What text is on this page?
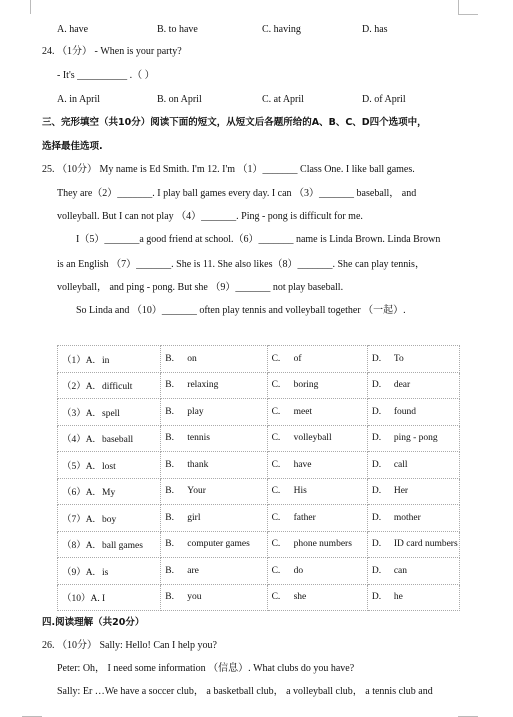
A. have	B. to have	C. having	D. has
24. （1分） - When is your party?
- It's __________ .（ ）
A. in April	B. on April	C. at April	D. of April
三、完形填空（共10分）阅读下面的短文，从短文后各题所给的A、B、C、D四个选项中，
选择最佳选项.
25. （10分） My name is Ed Smith. I'm 12. I'm （1）_______ Class One. I like ball games.
They are（2）_______. I play ball games every day. I can （3）_______ baseball， and
volleyball. But I can not play （4）_______. Ping - pong is difficult for me.
I（5）_______a good friend at school.（6）_______ name is Linda Brown. Linda Brown
is an English （7）_______. She is 11. She also likes（8）_______. She can play tennis，
volleyball， and ping - pong. But she （9）_______ not play baseball.
So Linda and （10）_______ often play tennis and volleyball together （一起）.
（1）A. in	B. on	C. of	D. To
（2）A. difficult	B. relaxing	C. boring	D. dear
（3）A. spell	B. play	C. meet	D. found
（4）A. baseball	B. tennis	C. volleyball	D. ping - pong
（5）A. lost	B. thank	C. have	D. call
（6）A. My	B. Your	C. His	D. Her
（7）A. boy	B. girl	C. father	D. mother
（8）A. ball games	B. computer games	C. phone numbers	D. ID card numbers
（9）A. is	B. are	C. do	D. can
（10）A. I	B. you	C. she	D. he
四.阅读理解（共20分）
26. （10分） Sally: Hello! Can I help you?
Peter: Oh， I need some information （信息）. What clubs do you have?
Sally: Er …We have a soccer club， a basketball club， a volleyball club， a tennis club and
